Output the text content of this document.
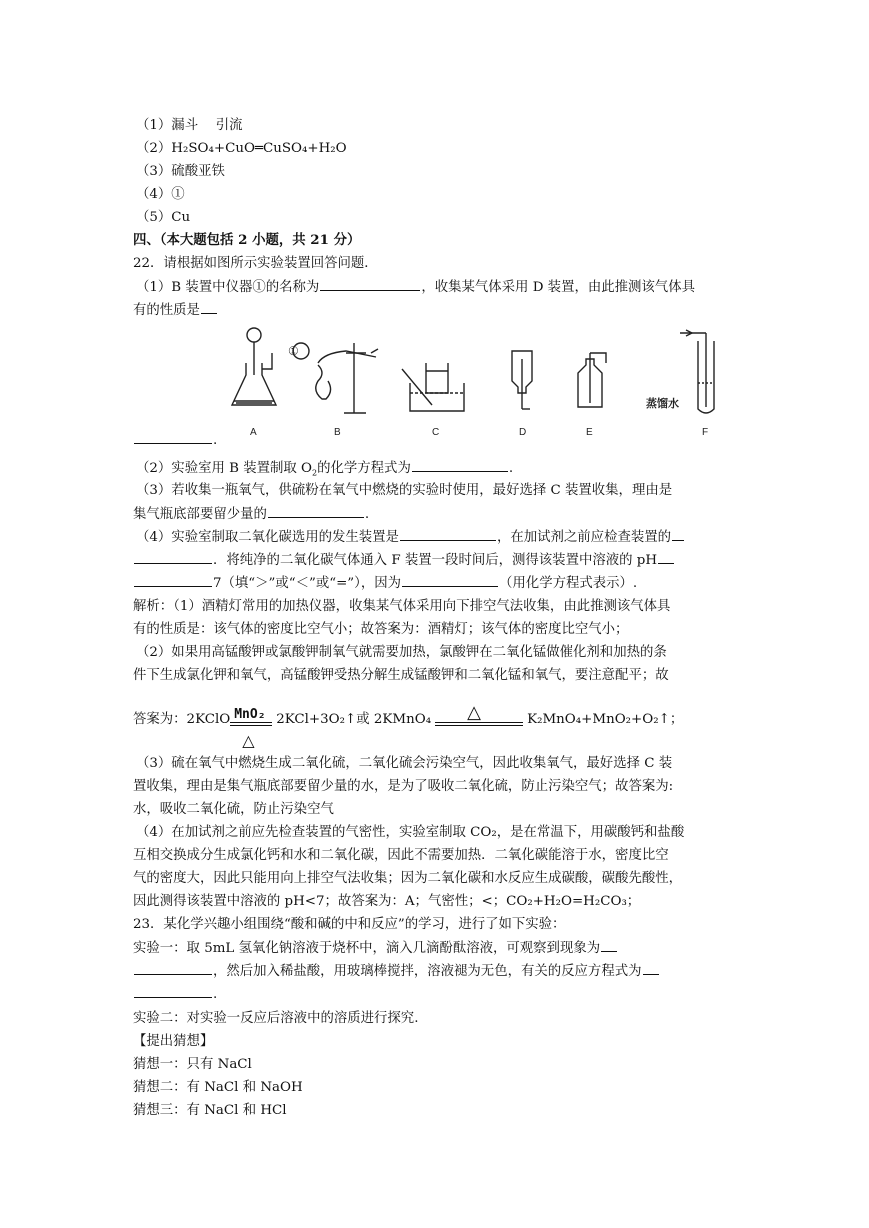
（1）漏斗　 引流
（2）H₂SO₄+CuO═CuSO₄+H₂O
（3）硫酸亚铁
（4）①
（5）Cu
四、（本大题包括 2 小题，共 21 分）
22．请根据如图所示实验装置回答问题．
（1）B 装置中仪器①的名称为	，收集某气体采用 D 装置，由此推测该气体具
有的性质是
A	B	C	D	E	F
①
蒸馏水
.
（2）实验室用 B 装置制取 $O_2$的化学方程式为	.
（3）若收集一瓶氧气，供硫粉在氧气中燃烧的实验时使用，最好选择 C 装置收集，理由是
集气瓶底部要留少量的	.
（4）实验室制取二氧化碳选用的发生装置是	，在加试剂之前应检查装置的
．将纯净的二氧化碳气体通入 F 装置一段时间后，测得该装置中溶液的 pH
7（填“＞”或“＜”或“=”），因为	（用化学方程式表示）.
解析：（1）酒精灯常用的加热仪器，收集某气体采用向下排空气法收集，由此推测该气体具
有的性质是：该气体的密度比空气小；故答案为：酒精灯；该气体的密度比空气小；
（2）如果用高锰酸钾或氯酸钾制氧气就需要加热，氯酸钾在二氧化锰做催化剂和加热的条
件下生成氯化钾和氧气，高锰酸钾受热分解生成锰酸钾和二氧化锰和氧气，要注意配平；故
答案为：2KClO MnO₂
△
2KCl+3O₂↑或 2KMnO₄ △	K₂MnO₄+MnO₂+O₂↑；
（3）硫在氧气中燃烧生成二氧化硫，二氧化硫会污染空气，因此收集氧气，最好选择 C 装
置收集，理由是集气瓶底部要留少量的水，是为了吸收二氧化硫，防止污染空气；故答案为:
水，吸收二氧化硫，防止污染空气
（4）在加试剂之前应先检查装置的气密性，实验室制取 CO₂，是在常温下，用碳酸钙和盐酸
互相交换成分生成氯化钙和水和二氧化碳，因此不需要加热．二氧化碳能溶于水，密度比空
气的密度大，因此只能用向上排空气法收集；因为二氧化碳和水反应生成碳酸，碳酸先酸性，
因此测得该装置中溶液的 pH<7；故答案为：A；气密性；<；CO₂+H₂O=H₂CO₃；
23．某化学兴趣小组围绕“酸和碱的中和反应”的学习，进行了如下实验：
实验一：取 5mL 氢氧化钠溶液于烧杯中，滴入几滴酚酞溶液，可观察到现象为
，然后加入稀盐酸，用玻璃棒搅拌，溶液褪为无色，有关的反应方程式为
.
实验二：对实验一反应后溶液中的溶质进行探究.
【提出猜想】
猜想一：只有 NaCl
猜想二：有 NaCl 和 NaOH
猜想三：有 NaCl 和 HCl
